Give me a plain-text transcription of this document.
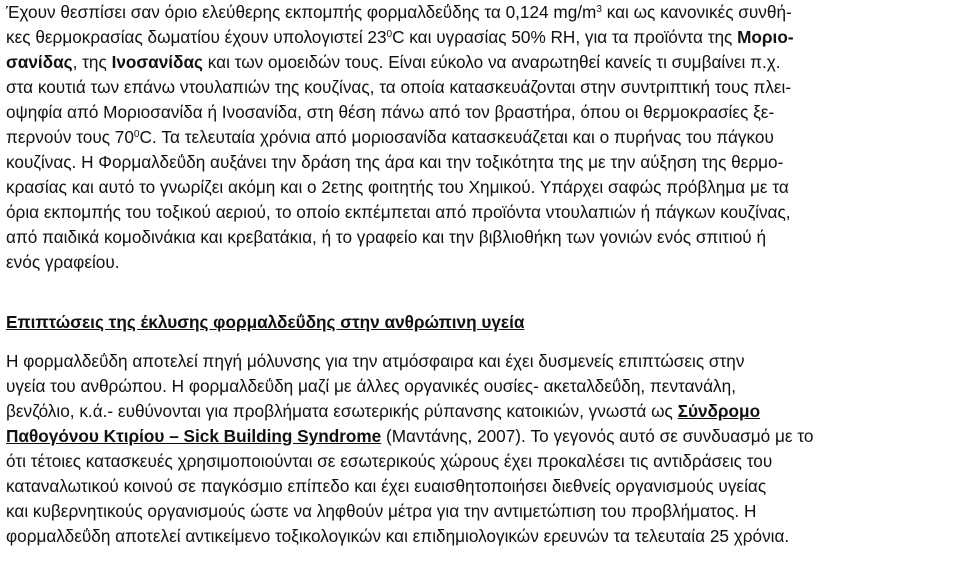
Έχουν θεσπίσει σαν όριο ελεύθερης εκπομπής φορμαλδεΰδης τα 0,124 $mg/m^3$ και ως κανονικές συνθή-
κες θερμοκρασίας δωματίου έχουν υπολογιστεί $23^0C$ και υγρασίας 50% RH, για τα προϊόντα της Μοριο-
σανίδας, της Ινοσανίδας και των ομοειδών τους. Είναι εύκολο να αναρωτηθεί κανείς τι συμβαίνει π.χ.

στα κουτιά των επάνω ντουλαπιών της κουζίνας, τα οποία κατασκευάζονται στην συντριπτική τους πλει-
οψηφία από Μοριοσανίδα ή Ινοσανίδα, στη θέση πάνω από τον βραστήρα, όπου οι θερμοκρασίες ξε-
περνούν τους $70^0C$. Τα τελευταία χρόνια από μοριοσανίδα κατασκευάζεται και ο πυρήνας του πάγκου
κουζίνας. Η Φορμαλδεΰδη αυξάνει την δράση της άρα και την τοξικότητα της με την αύξηση της θερμο-
κρασίας και αυτό το γνωρίζει ακόμη και ο 2ετης φοιτητής του Χημικού. Υπάρχει σαφώς πρόβλημα με τα
όρια εκπομπής του τοξικού αεριού, το οποίο εκπέμπεται από προϊόντα ντουλαπιών ή πάγκων κουζίνας,
από παιδικά κομοδινάκια και κρεβατάκια, ή το γραφείο και την βιβλιοθήκη των γονιών ενός σπιτιού ή
ενός γραφείου.

Επιπτώσεις της έκλυσης φορμαλδεΰδης στην ανθρώπινη υγεία

Η φορμαλδεΰδη αποτελεί πηγή μόλυνσης για την ατμόσφαιρα και έχει δυσμενείς επιπτώσεις στην
υγεία του ανθρώπου. Η φορμαλδεΰδη μαζί με άλλες οργανικές ουσίες- ακεταλδεΰδη, πεντανάλη,
βενζόλιο, κ.ά.- ευθύνονται για προβλήματα εσωτερικής ρύπανσης κατοικιών, γνωστά ως Σύνδρομο
Παθογόνου Κτιρίου – Sick Building Syndrome (Μαντάνης, 2007). Το γεγονός αυτό σε συνδυασμό με το
ότι τέτοιες κατασκευές χρησιμοποιούνται σε εσωτερικούς χώρους έχει προκαλέσει τις αντιδράσεις του
καταναλωτικού κοινού σε παγκόσμιο επίπεδο και έχει ευαισθητοποιήσει διεθνείς οργανισμούς υγείας
και κυβερνητικούς οργανισμούς ώστε να ληφθούν μέτρα για την αντιμετώπιση του προβλήματος. Η
φορμαλδεΰδη αποτελεί αντικείμενο τοξικολογικών και επιδημιολογικών ερευνών τα τελευταία 25 χρόνια.
